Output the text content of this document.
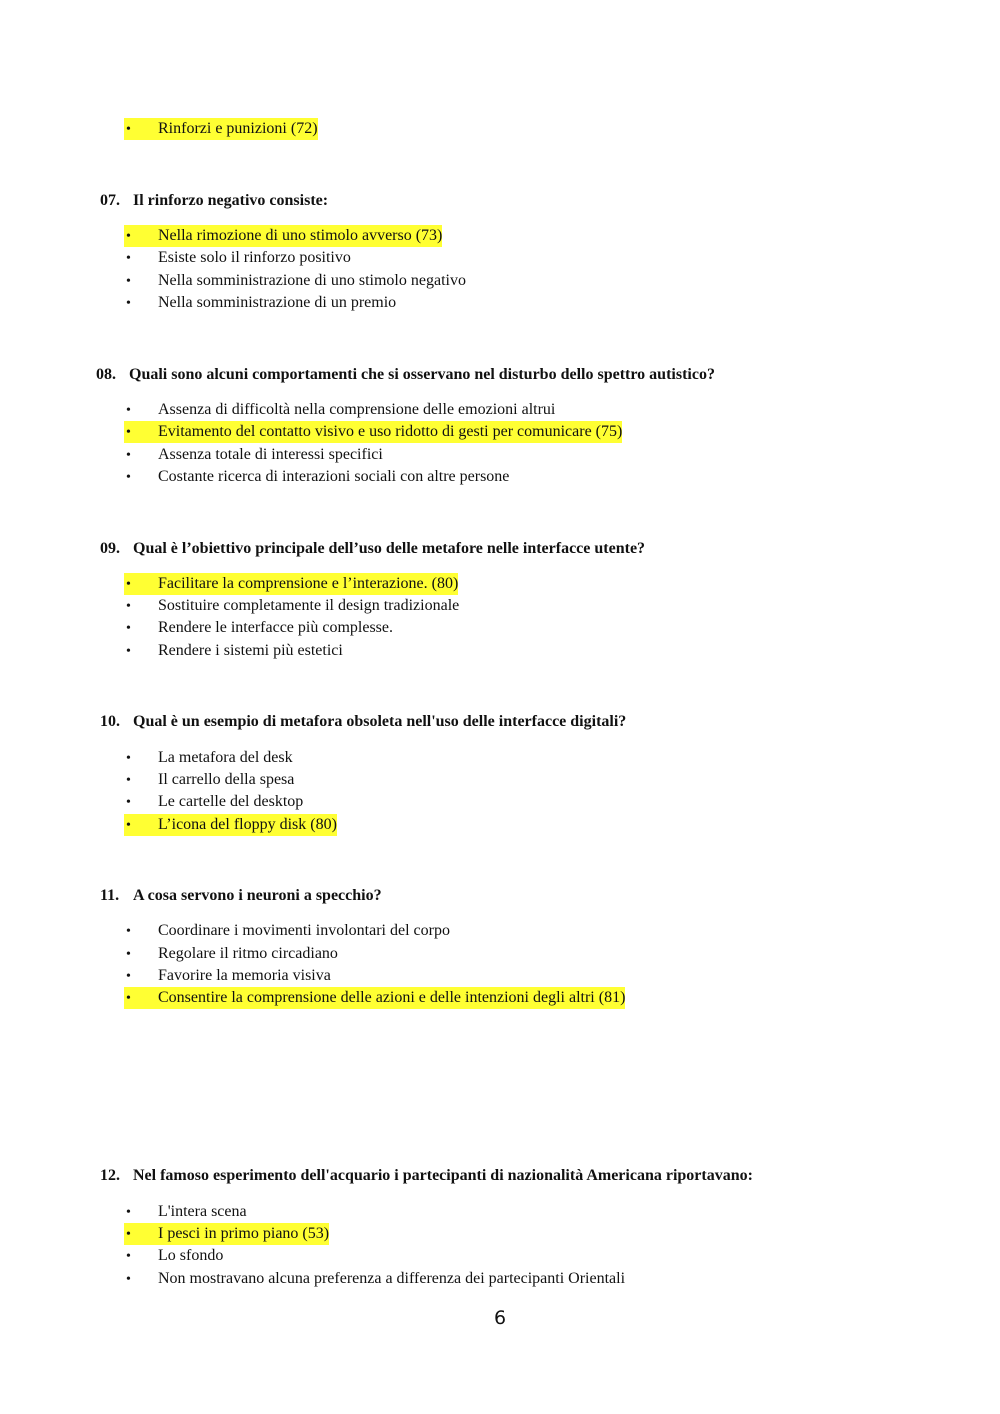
• Rinforzi e punizioni (72)
07. Il rinforzo negativo consiste:
• Nella rimozione di uno stimolo avverso (73)
• Esiste solo il rinforzo positivo
• Nella somministrazione di uno stimolo negativo
• Nella somministrazione di un premio
08. Quali sono alcuni comportamenti che si osservano nel disturbo dello spettro autistico?
• Assenza di difficoltà nella comprensione delle emozioni altrui
• Evitamento del contatto visivo e uso ridotto di gesti per comunicare (75)
• Assenza totale di interessi specifici
• Costante ricerca di interazioni sociali con altre persone
09. Qual è l’obiettivo principale dell’uso delle metafore nelle interfacce utente?
• Facilitare la comprensione e l’interazione. (80)
• Sostituire completamente il design tradizionale
• Rendere le interfacce più complesse.
• Rendere i sistemi più estetici
10. Qual è un esempio di metafora obsoleta nell'uso delle interfacce digitali?
• La metafora del desk
• Il carrello della spesa
• Le cartelle del desktop
• L’icona del floppy disk (80)
11. A cosa servono i neuroni a specchio?
• Coordinare i movimenti involontari del corpo
• Regolare il ritmo circadiano
• Favorire la memoria visiva
• Consentire la comprensione delle azioni e delle intenzioni degli altri (81)
12. Nel famoso esperimento dell'acquario i partecipanti di nazionalità Americana riportavano:
• L'intera scena
• I pesci in primo piano (53)
• Lo sfondo
• Non mostravano alcuna preferenza a differenza dei partecipanti Orientali
6
